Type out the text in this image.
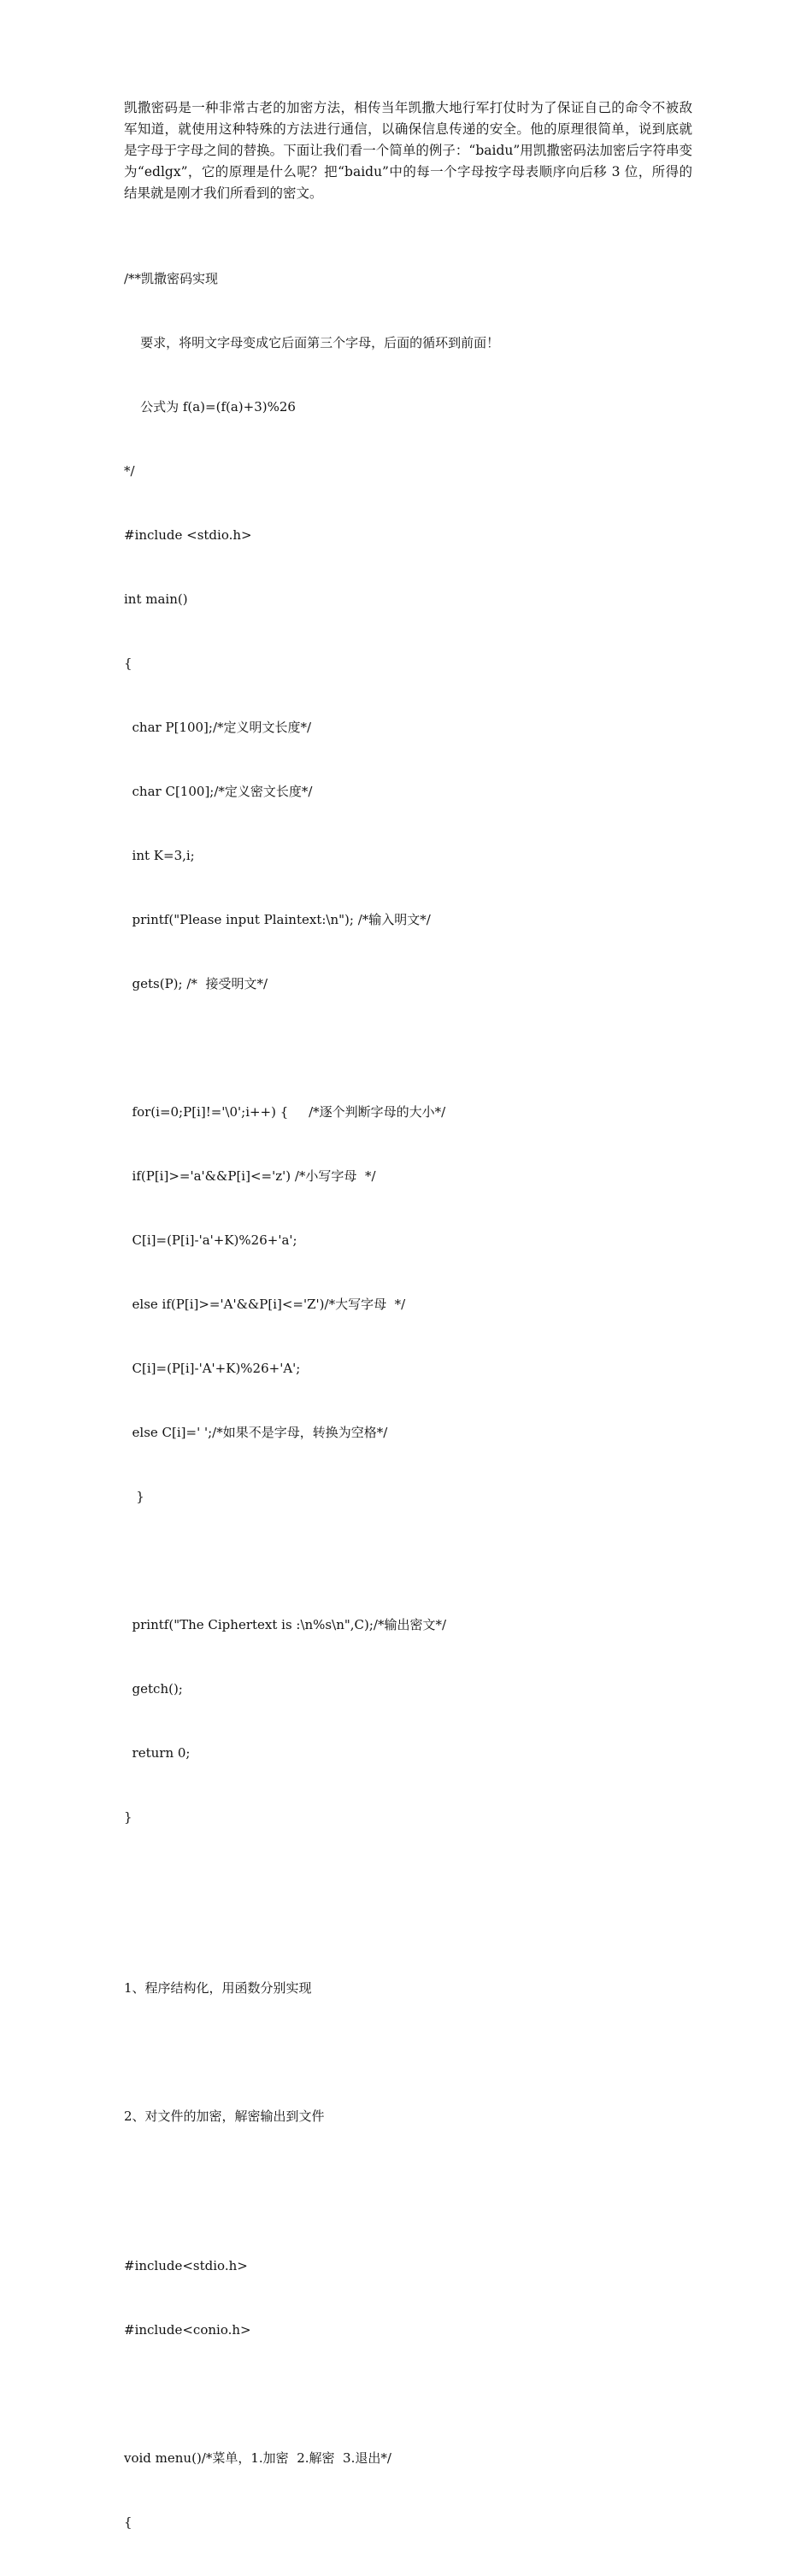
凯撒密码是一种非常古老的加密方法，相传当年凯撒大地行军打仗时为了保证自己的命令不被敌军知道，就使用这种特殊的方法进行通信，以确保信息传递的安全。他的原理很简单，说到底就是字母于字母之间的替换。下面让我们看一个简单的例子：“baidu”用凯撒密码法加密后字符串变为“edlgx”，它的原理是什么呢？把“baidu”中的每一个字母按字母表顺序向后移 3 位，所得的结果就是刚才我们所看到的密文。

/**凯撒密码实现

要求，将明文字母变成它后面第三个字母，后面的循环到前面！

公式为 f(a)=(f(a)+3)%26

*/

#include <stdio.h>

int main()

{

char P[100];/*定义明文长度*/

char C[100];/*定义密文长度*/

int K=3,i;

printf("Please input Plaintext:\n"); /*输入明文*/

gets(P); /*  接受明文*/

for(i=0;P[i]!='\0';i++) {     /*逐个判断字母的大小*/

if(P[i]>='a'&&P[i]<='z') /*小写字母  */

C[i]=(P[i]-'a'+K)%26+'a';

else if(P[i]>='A'&&P[i]<='Z')/*大写字母  */

C[i]=(P[i]-'A'+K)%26+'A';

else C[i]=' ';/*如果不是字母，转换为空格*/

}

printf("The Ciphertext is :\n%s\n",C);/*输出密文*/

getch();

return 0;

}

1、程序结构化，用函数分别实现

2、对文件的加密，解密输出到文件

#include<stdio.h>

#include<conio.h>

void menu()/*菜单，1.加密  2.解密  3.退出*/

{
